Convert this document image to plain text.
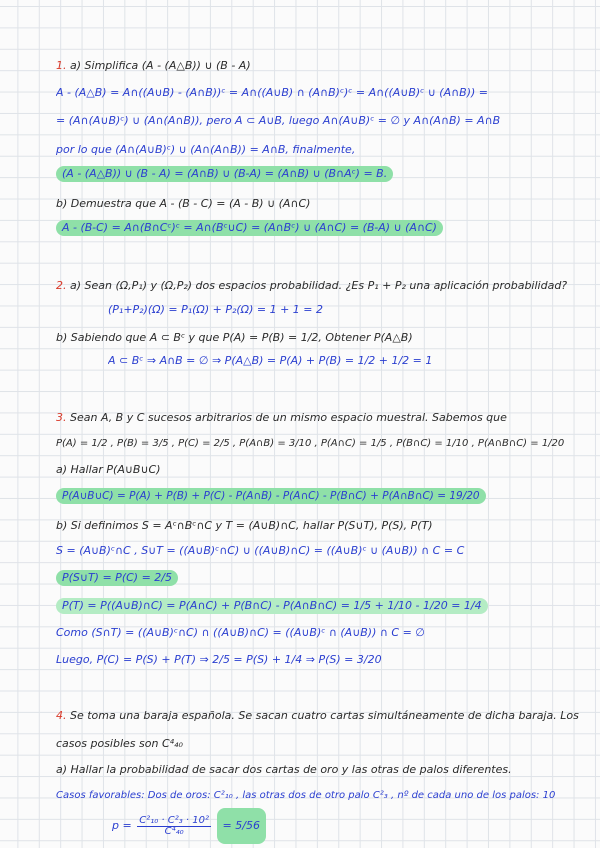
1. a) Simplifica (A - (A△B)) ∪ (B - A)
A - (A△B) = A∩((A∪B) - (A∩B))ᶜ = A∩((A∪B) ∩ (A∩B)ᶜ)ᶜ = A∩((A∪B)ᶜ ∪ (A∩B)) =
= (A∩(A∪B)ᶜ) ∪ (A∩(A∩B)), pero A ⊂ A∪B, luego A∩(A∪B)ᶜ = ∅ y A∩(A∩B) = A∩B
por lo que (A∩(A∪B)ᶜ) ∪ (A∩(A∩B)) = A∩B, finalmente,
(A - (A△B)) ∪ (B - A) = (A∩B) ∪ (B-A) = (A∩B) ∪ (B∩Aᶜ) = B.
b) Demuestra que A - (B - C) = (A - B) ∪ (A∩C)
A - (B-C) = A∩(B∩Cᶜ)ᶜ = A∩(Bᶜ∪C) = (A∩Bᶜ) ∪ (A∩C) = (B-A) ∪ (A∩C)
2. a) Sean (Ω,P₁) y (Ω,P₂) dos espacios probabilidad. ¿Es P₁ + P₂ una aplicación probabilidad?
(P₁+P₂)(Ω) = P₁(Ω) + P₂(Ω) = 1 + 1 = 2
b) Sabiendo que A ⊂ Bᶜ y que P(A) = P(B) = 1/2, Obtener P(A△B)
A ⊂ Bᶜ ⇒ A∩B = ∅ ⇒ P(A△B) = P(A) + P(B) = 1/2 + 1/2 = 1
3. Sean A, B y C sucesos arbitrarios de un mismo espacio muestral. Sabemos que
P(A) = 1/2 , P(B) = 3/5 , P(C) = 2/5 , P(A∩B) = 3/10 , P(A∩C) = 1/5 , P(B∩C) = 1/10 , P(A∩B∩C) = 1/20
a) Hallar P(A∪B∪C)
P(A∪B∪C) = P(A) + P(B) + P(C) - P(A∩B) - P(A∩C) - P(B∩C) + P(A∩B∩C) = 19/20
b) Si definimos S = Aᶜ∩Bᶜ∩C y T = (A∪B)∩C, hallar P(S∪T), P(S), P(T)
S = (A∪B)ᶜ∩C , S∪T = ((A∪B)ᶜ∩C) ∪ ((A∪B)∩C) = ((A∪B)ᶜ ∪ (A∪B)) ∩ C = C
P(S∪T) = P(C) = 2/5
P(T) = P((A∪B)∩C) = P(A∩C) + P(B∩C) - P(A∩B∩C) = 1/5 + 1/10 - 1/20 = 1/4
Como (S∩T) = ((A∪B)ᶜ∩C) ∩ ((A∪B)∩C) = ((A∪B)ᶜ ∩ (A∪B)) ∩ C = ∅
Luego, P(C) = P(S) + P(T) ⇒ 2/5 = P(S) + 1/4 ⇒ P(S) = 3/20
4. Se toma una baraja española. Se sacan cuatro cartas simultáneamente de dicha baraja. Los
casos posibles son C⁴₄₀
a) Hallar la probabilidad de sacar dos cartas de oro y las otras de palos diferentes.
Casos favorables: Dos de oros: C²₁₀ , las otras dos de otro palo C²₃ , nº de cada uno de los palos: 10
$p = \frac{\text{C²₁₀ · C²₃ · 10²}}{\text{C⁴₄₀}} = 5/56$
